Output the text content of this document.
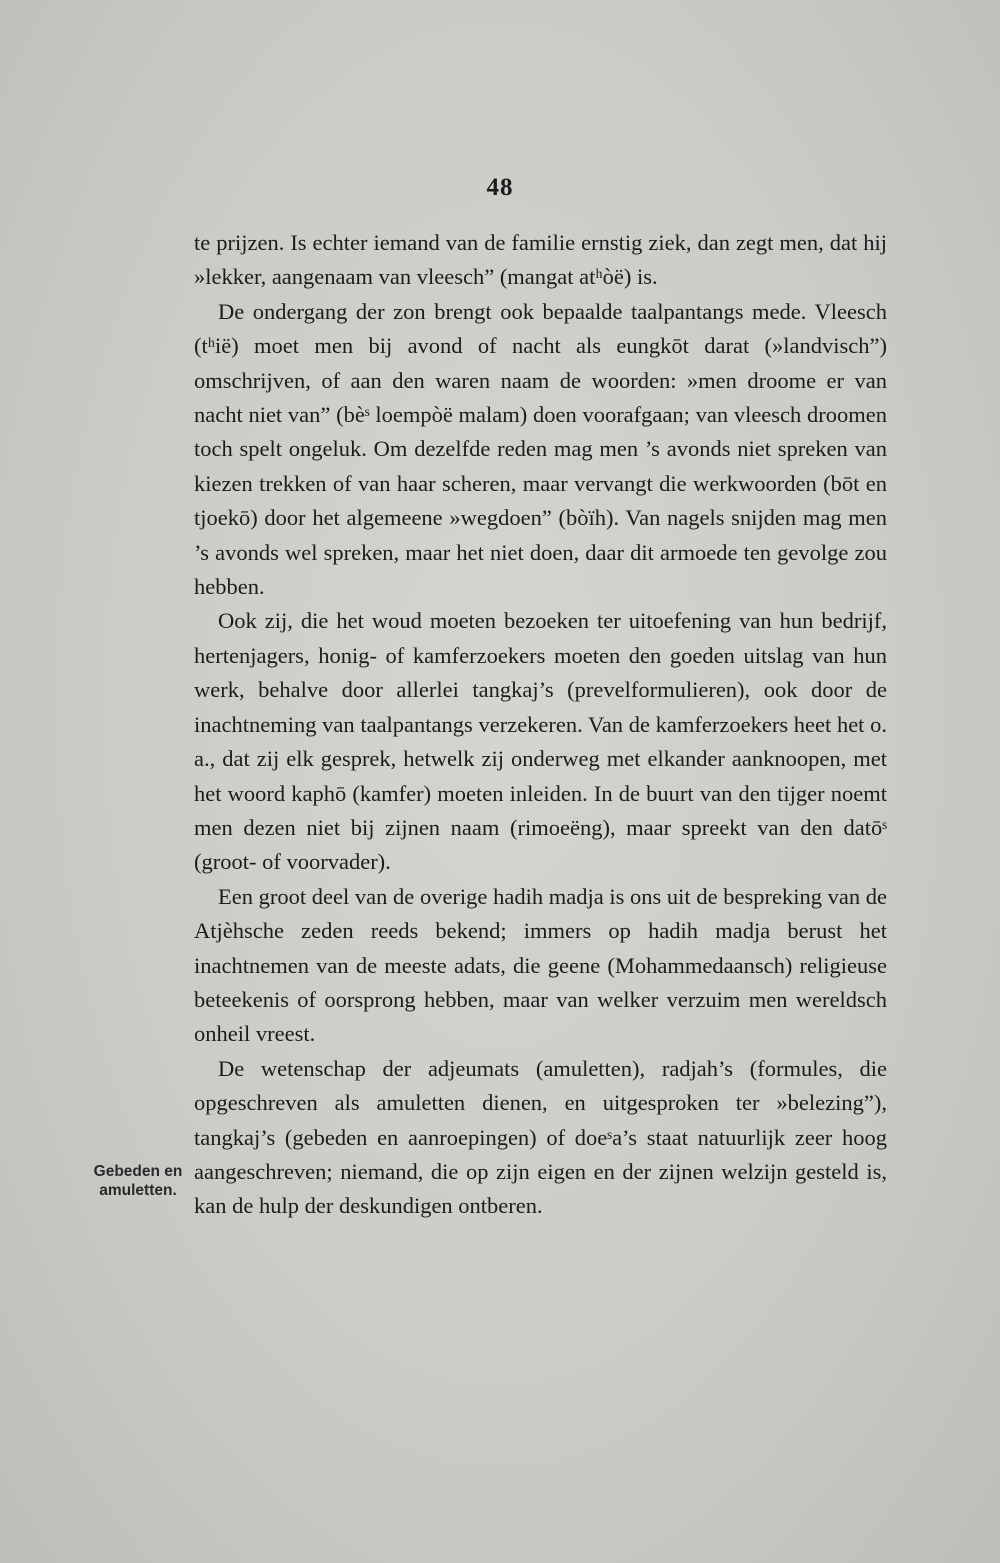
48
Gebeden en
amuletten.

te prijzen. Is echter iemand van de familie ernstig ziek, dan zegt men, dat hij »lekker, aangenaam van vleesch” (mangat atʰòë) is.

De ondergang der zon brengt ook bepaalde taalpantangs mede. Vleesch (tʰië) moet men bij avond of nacht als eungkōt darat (»landvisch”) omschrijven, of aan den waren naam de woorden: »men droome er van nacht niet van” (bèˢ loempòë malam) doen voorafgaan; van vleesch droomen toch spelt ongeluk. Om dezelfde reden mag men ’s avonds niet spreken van kiezen trekken of van haar scheren, maar vervangt die werkwoorden (bōt en tjoekō) door het algemeene »wegdoen” (bòïh). Van nagels snijden mag men ’s avonds wel spreken, maar het niet doen, daar dit armoede ten gevolge zou hebben.

Ook zij, die het woud moeten bezoeken ter uitoefening van hun bedrijf, hertenjagers, honig- of kamferzoekers moeten den goeden uitslag van hun werk, behalve door allerlei tangkaj’s (prevelformulieren), ook door de inachtneming van taalpantangs verzekeren. Van de kamferzoekers heet het o. a., dat zij elk gesprek, hetwelk zij onderweg met elkander aanknoopen, met het woord kaphō (kamfer) moeten inleiden. In de buurt van den tijger noemt men dezen niet bij zijnen naam (rimoeëng), maar spreekt van den datōˢ (groot- of voorvader).

Een groot deel van de overige hadih madja is ons uit de bespreking van de Atjèhsche zeden reeds bekend; immers op hadih madja berust het inachtnemen van de meeste adats, die geene (Mohammedaansch) religieuse beteekenis of oorsprong hebben, maar van welker verzuim men wereldsch onheil vreest.

De wetenschap der adjeumats (amuletten), radjah’s (formules, die opgeschreven als amuletten dienen, en uitgesproken ter »belezing”), tangkaj’s (gebeden en aanroepingen) of doeˢa’s staat natuurlijk zeer hoog aangeschreven; niemand, die op zijn eigen en der zijnen welzijn gesteld is, kan de hulp der deskundigen ontberen.
